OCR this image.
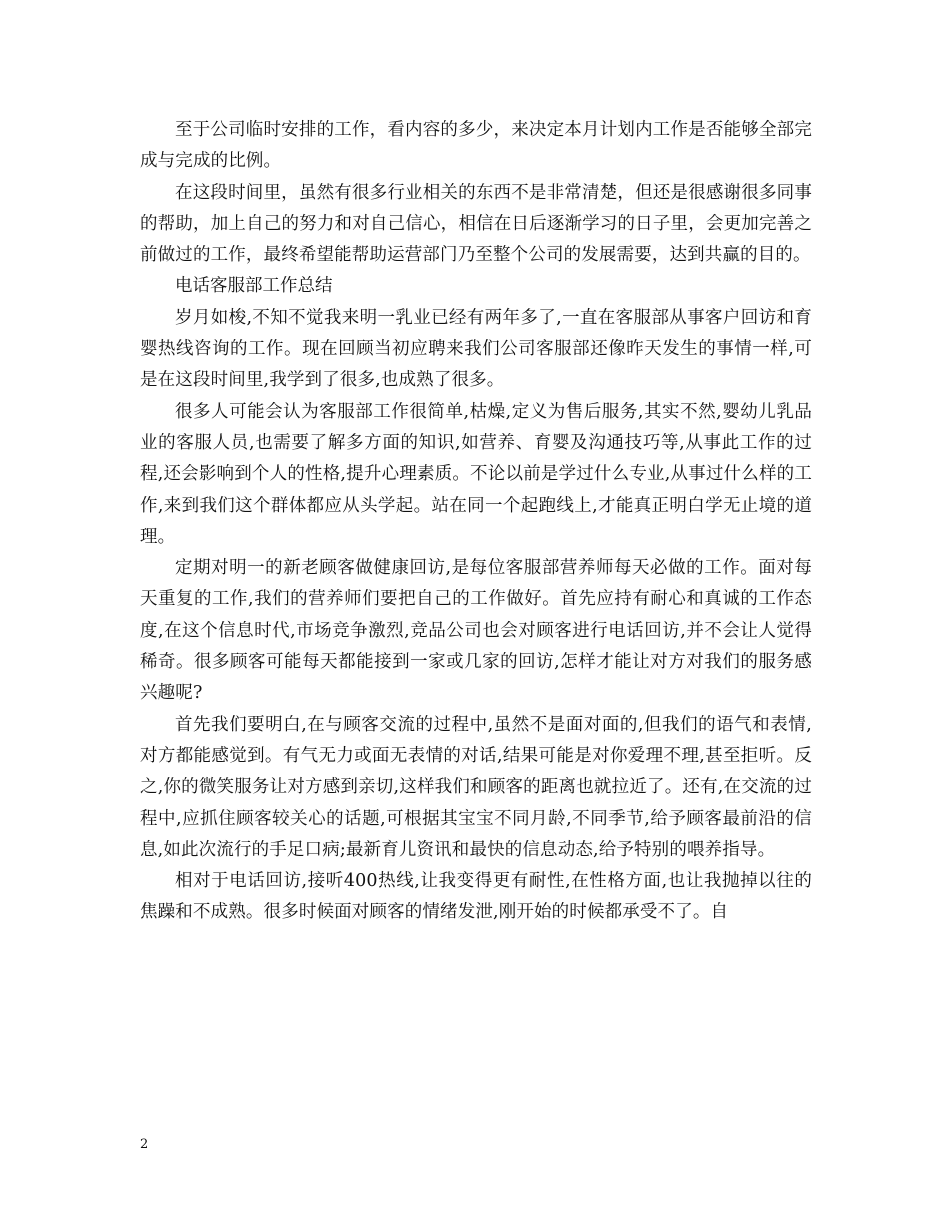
至于公司临时安排的工作，看内容的多少，来决定本月计划内工作是否能够全部完成与完成的比例。

在这段时间里，虽然有很多行业相关的东西不是非常清楚，但还是很感谢很多同事的帮助，加上自己的努力和对自己信心，相信在日后逐渐学习的日子里，会更加完善之前做过的工作，最终希望能帮助运营部门乃至整个公司的发展需要，达到共赢的目的。

电话客服部工作总结

岁月如梭,不知不觉我来明一乳业已经有两年多了,一直在客服部从事客户回访和育婴热线咨询的工作。现在回顾当初应聘来我们公司客服部还像昨天发生的事情一样,可是在这段时间里,我学到了很多,也成熟了很多。

很多人可能会认为客服部工作很简单,枯燥,定义为售后服务,其实不然,婴幼儿乳品业的客服人员,也需要了解多方面的知识,如营养、育婴及沟通技巧等,从事此工作的过程,还会影响到个人的性格,提升心理素质。不论以前是学过什么专业,从事过什么样的工作,来到我们这个群体都应从头学起。站在同一个起跑线上,才能真正明白学无止境的道理。

定期对明一的新老顾客做健康回访,是每位客服部营养师每天必做的工作。面对每天重复的工作,我们的营养师们要把自己的工作做好。首先应持有耐心和真诚的工作态度,在这个信息时代,市场竞争激烈,竞品公司也会对顾客进行电话回访,并不会让人觉得稀奇。很多顾客可能每天都能接到一家或几家的回访,怎样才能让对方对我们的服务感兴趣呢?

首先我们要明白,在与顾客交流的过程中,虽然不是面对面的,但我们的语气和表情,对方都能感觉到。有气无力或面无表情的对话,结果可能是对你爱理不理,甚至拒听。反之,你的微笑服务让对方感到亲切,这样我们和顾客的距离也就拉近了。还有,在交流的过程中,应抓住顾客较关心的话题,可根据其宝宝不同月龄,不同季节,给予顾客最前沿的信息,如此次流行的手足口病;最新育儿资讯和最快的信息动态,给予特别的喂养指导。

相对于电话回访,接听400热线,让我变得更有耐性,在性格方面,也让我抛掉以往的焦躁和不成熟。很多时候面对顾客的情绪发泄,刚开始的时候都承受不了。自

2
